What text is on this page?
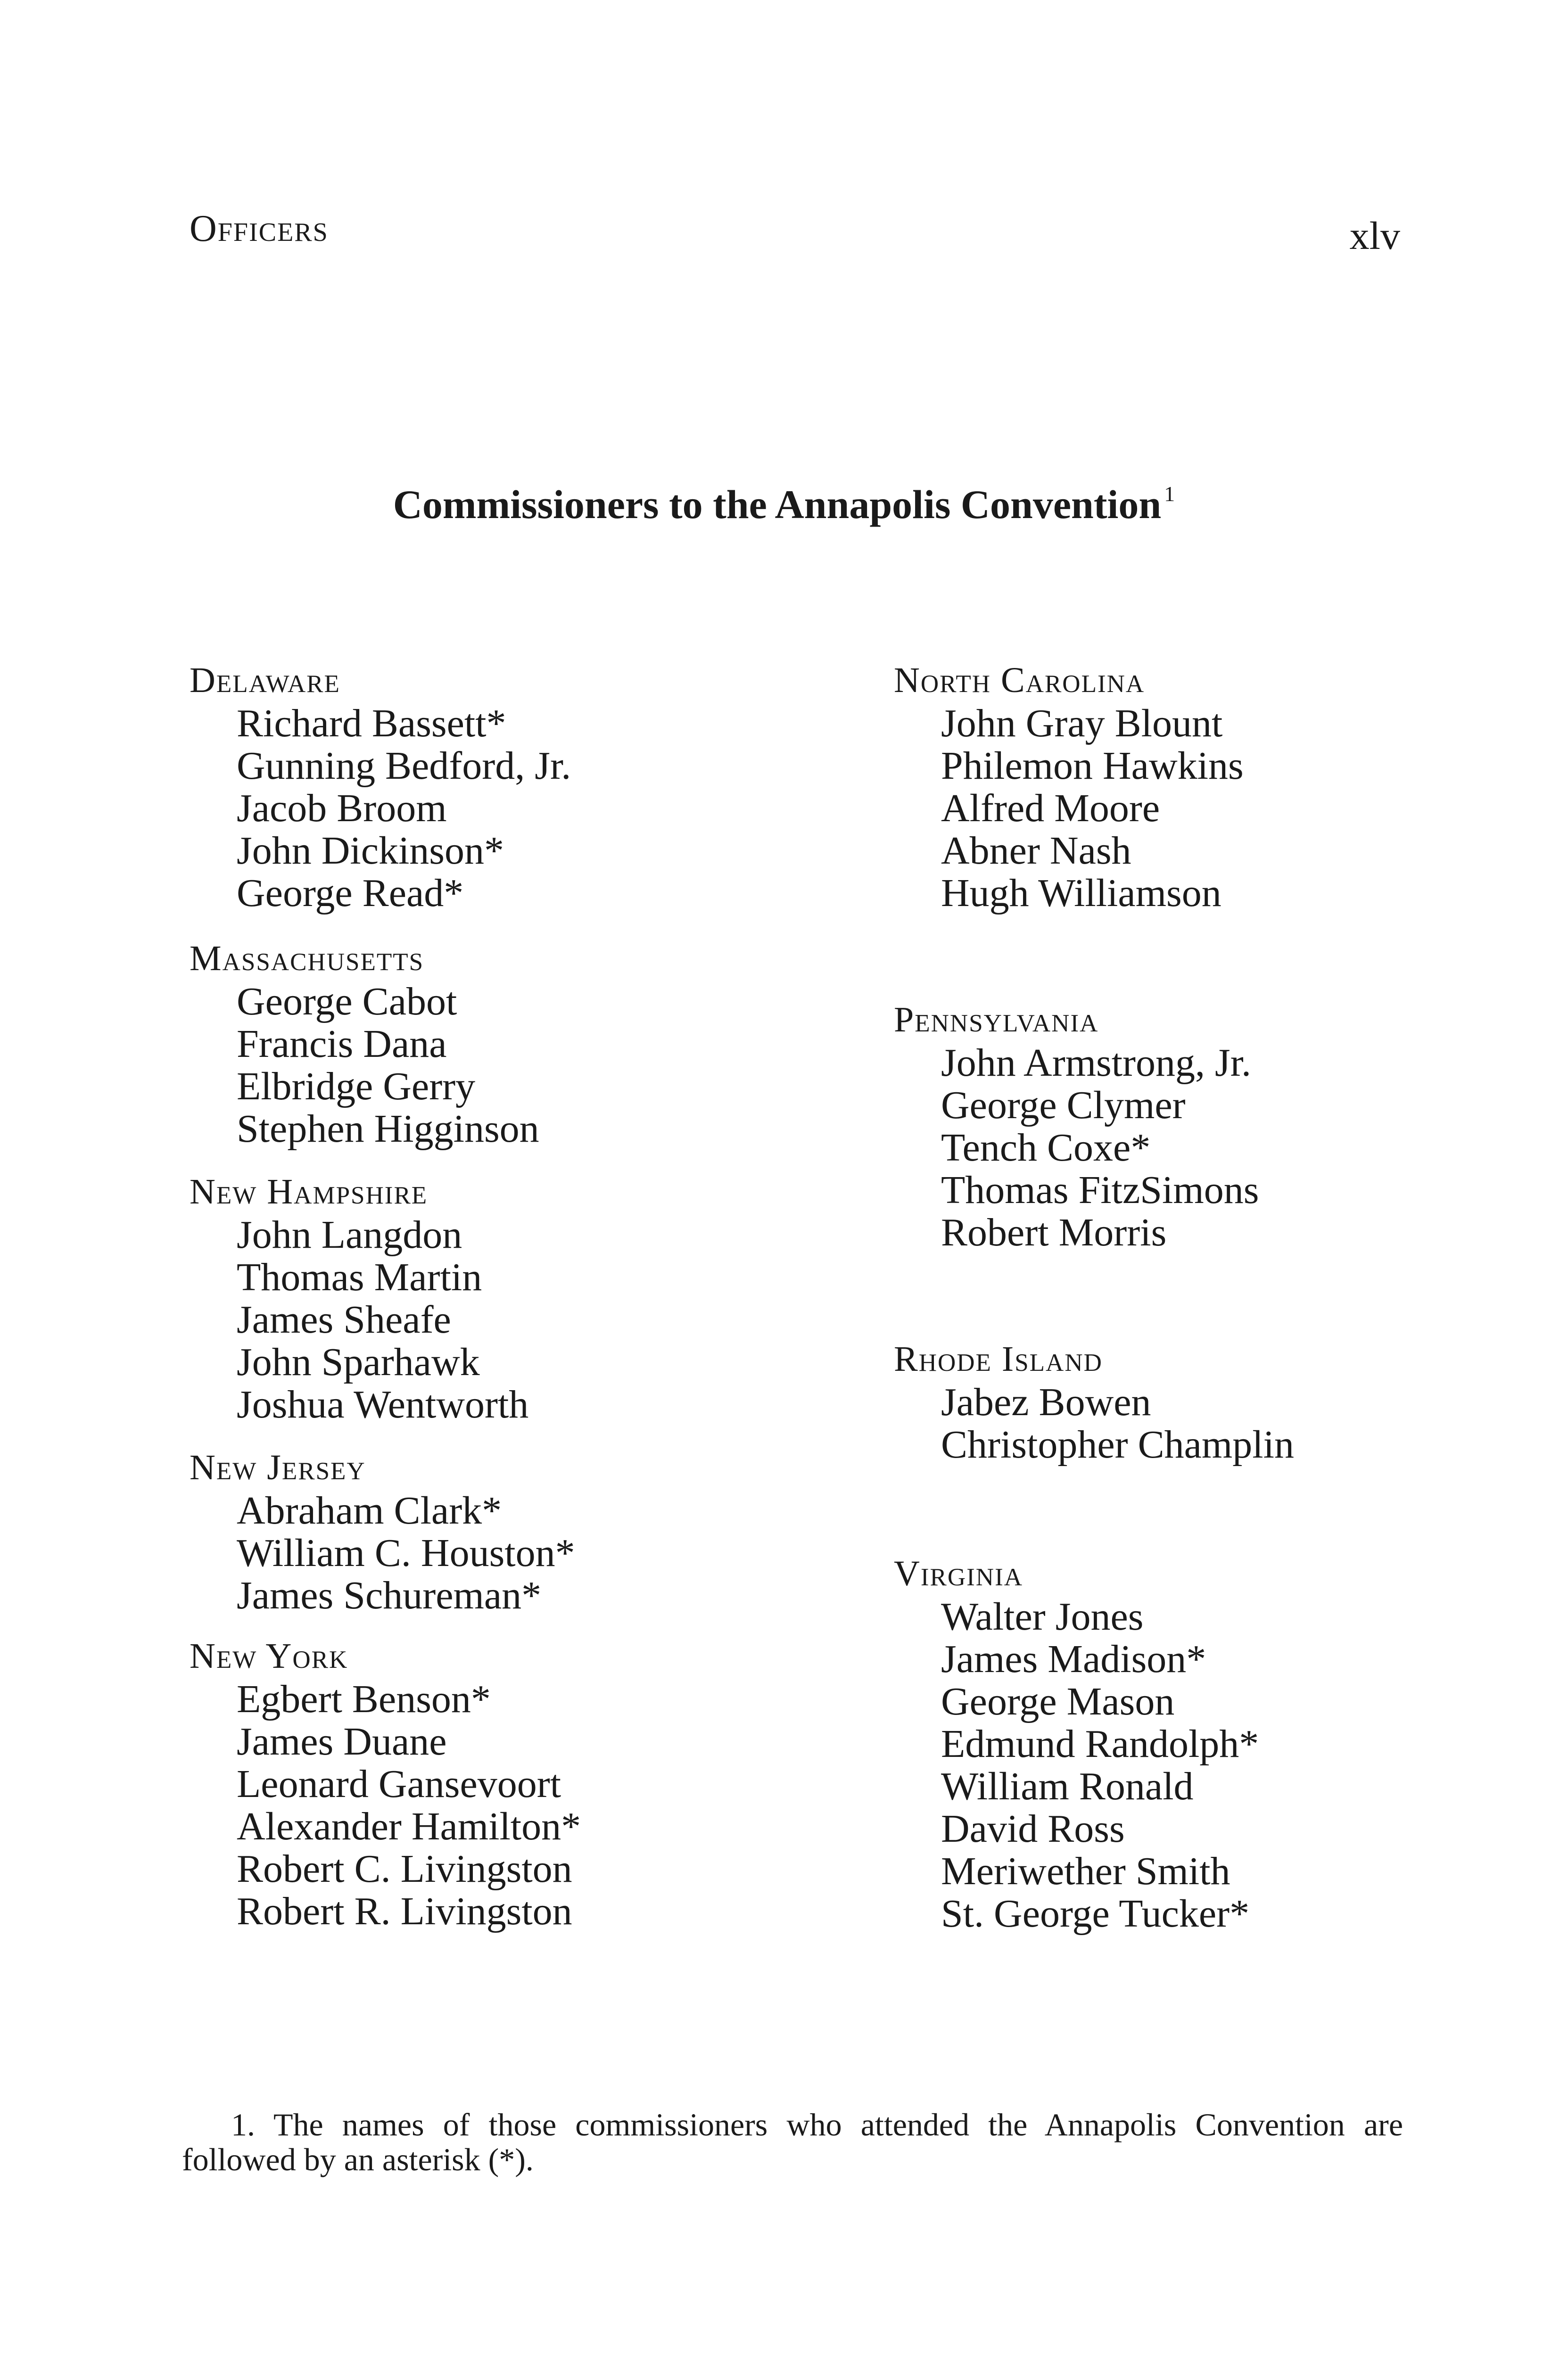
Officers	xlv
Commissioners to the Annapolis Convention $^1$
Delaware
Richard Bassett*
Gunning Bedford, Jr.
Jacob Broom
John Dickinson*
George Read*
Massachusetts
George Cabot
Francis Dana
Elbridge Gerry
Stephen Higginson
New Hampshire
John Langdon
Thomas Martin
James Sheafe
John Sparhawk
Joshua Wentworth
New Jersey
Abraham Clark*
William C. Houston*
James Schureman*
New York
Egbert Benson*
James Duane
Leonard Gansevoort
Alexander Hamilton*
Robert C. Livingston
Robert R. Livingston
North Carolina
John Gray Blount
Philemon Hawkins
Alfred Moore
Abner Nash
Hugh Williamson
Pennsylvania
John Armstrong, Jr.
George Clymer
Tench Coxe*
Thomas FitzSimons
Robert Morris
Rhode Island
Jabez Bowen
Christopher Champlin
Virginia
Walter Jones
James Madison*
George Mason
Edmund Randolph*
William Ronald
David Ross
Meriwether Smith
St. George Tucker*
1. The names of those commissioners who attended the Annapolis Convention are followed by an asterisk (*).
